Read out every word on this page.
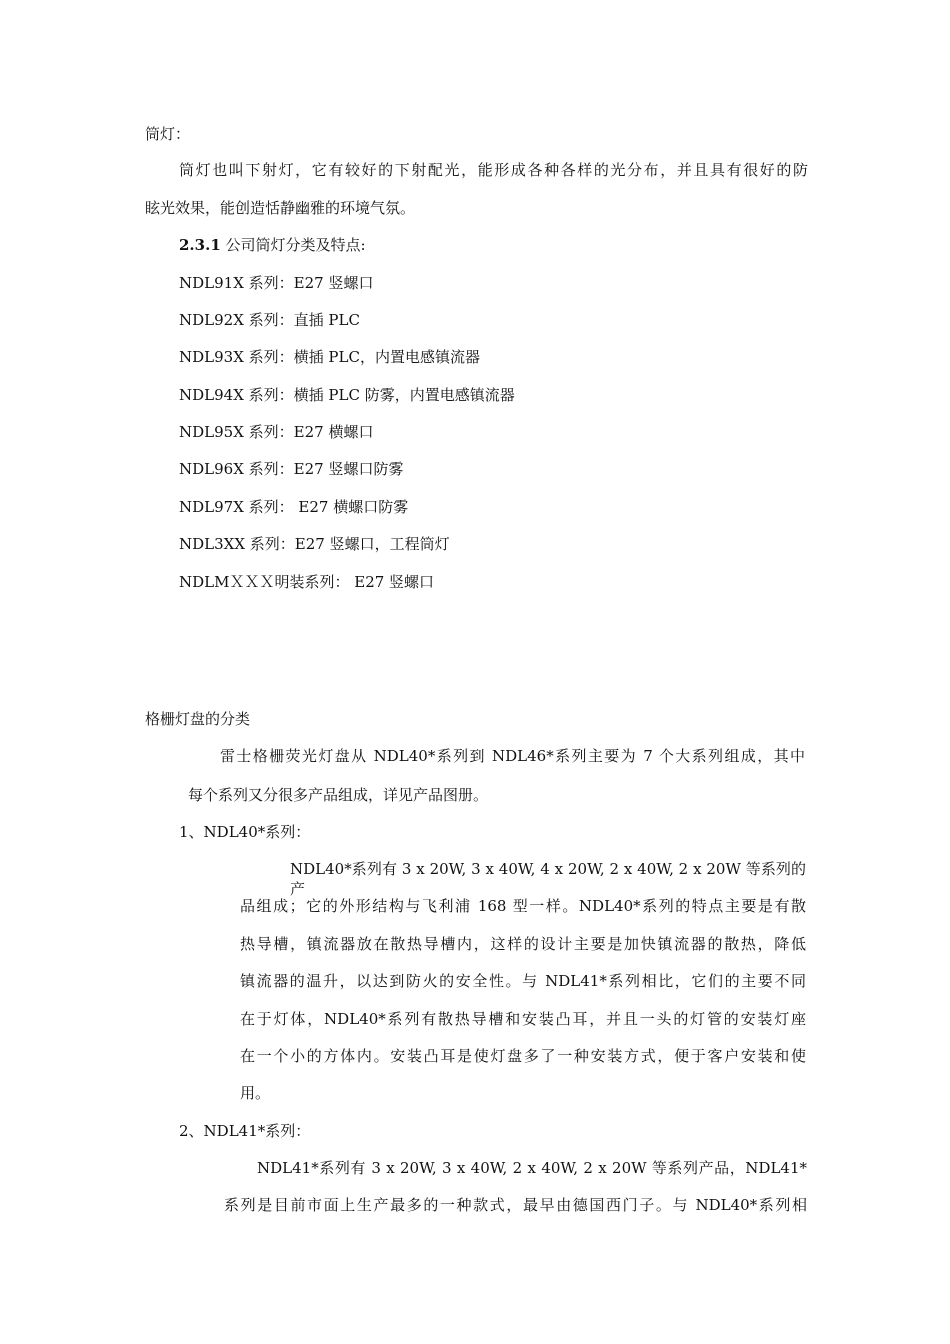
筒灯：
筒灯也叫下射灯，它有较好的下射配光，能形成各种各样的光分布，并且具有很好的防
眩光效果，能创造恬静幽雅的环境气氛。
2.3.1 公司筒灯分类及特点:
NDL91X 系列：E27 竖螺口
NDL92X 系列：直插 PLC
NDL93X 系列：横插 PLC，内置电感镇流器
NDL94X 系列：横插 PLC 防雾，内置电感镇流器
NDL95X 系列：E27 横螺口
NDL96X 系列：E27 竖螺口防雾
NDL97X 系列： E27 横螺口防雾
NDL3XX 系列：E27 竖螺口，工程筒灯
NDLMＸＸＸ明装系列： E27 竖螺口
格栅灯盘的分类
雷士格栅荧光灯盘从 NDL40*系列到 NDL46*系列主要为 7 个大系列组成，其中
每个系列又分很多产品组成，详见产品图册。
1、NDL40*系列：
NDL40*系列有 3 x 20W, 3 x 40W, 4 x 20W, 2 x 40W, 2 x 20W 等系列的产
品组成；它的外形结构与飞利浦 168 型一样。NDL40*系列的特点主要是有散
热导槽，镇流器放在散热导槽内，这样的设计主要是加快镇流器的散热，降低
镇流器的温升，以达到防火的安全性。与 NDL41*系列相比，它们的主要不同
在于灯体，NDL40*系列有散热导槽和安装凸耳，并且一头的灯管的安装灯座
在一个小的方体内。安装凸耳是使灯盘多了一种安装方式，便于客户安装和使
用。
2、NDL41*系列：
NDL41*系列有 3 x 20W, 3 x 40W, 2 x 40W, 2 x 20W 等系列产品，NDL41*
系列是目前市面上生产最多的一种款式，最早由德国西门子。与 NDL40*系列相
